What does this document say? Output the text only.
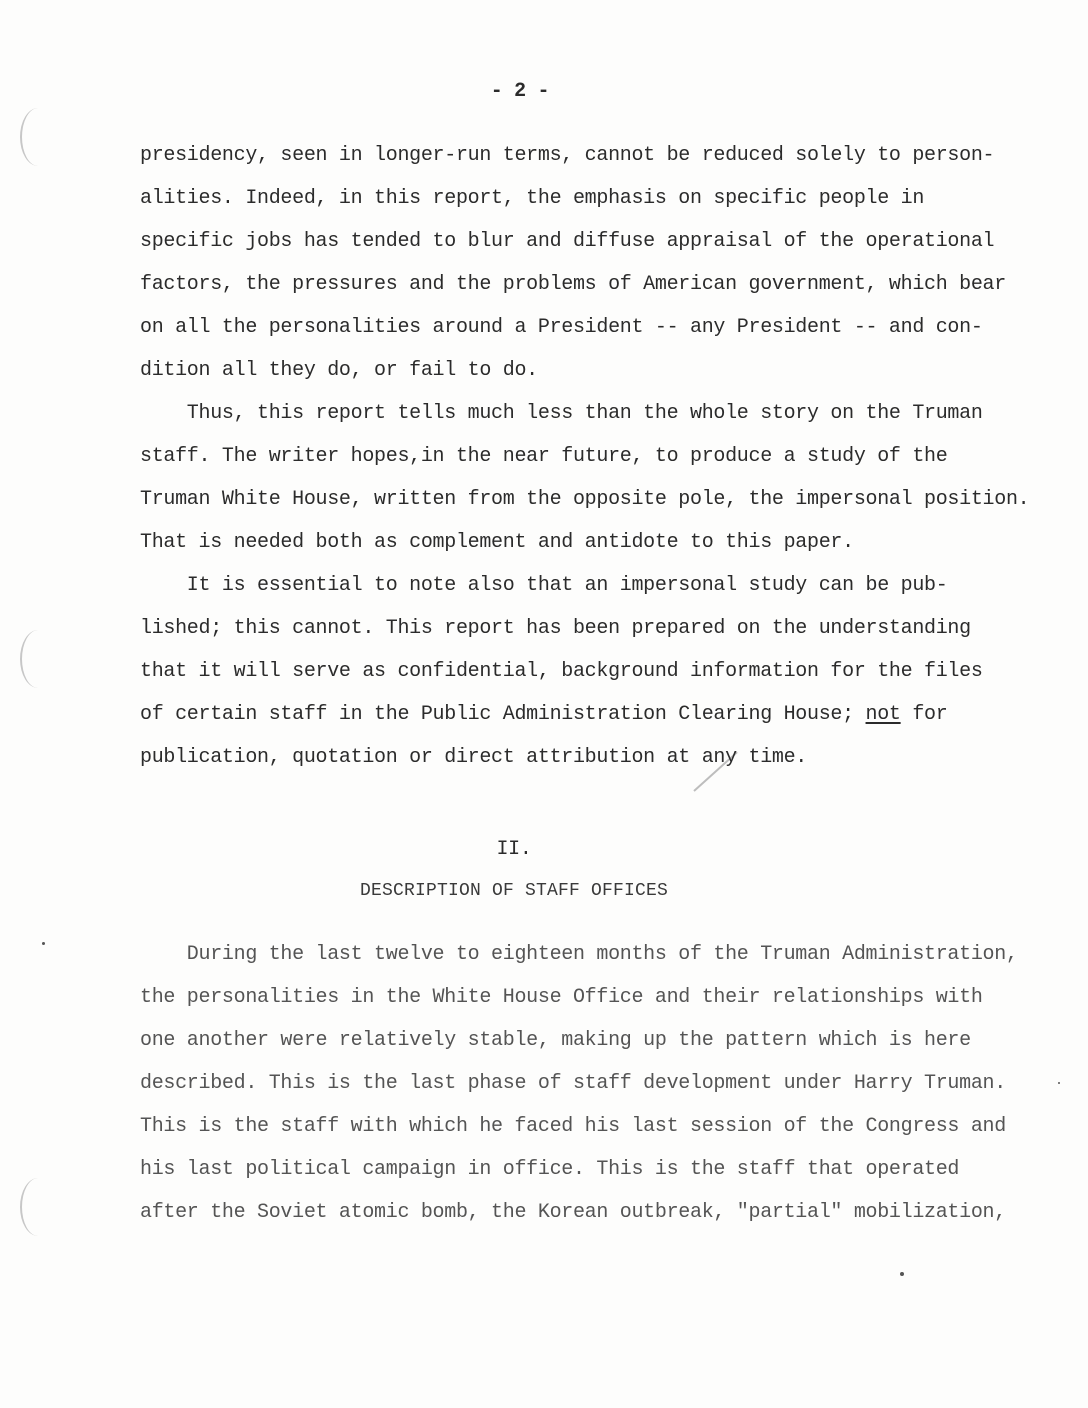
- 2 -
presidency, seen in longer-run terms, cannot be reduced solely to person-
alities. Indeed, in this report, the emphasis on specific people in
specific jobs has tended to blur and diffuse appraisal of the operational
factors, the pressures and the problems of American government, which bear
on all the personalities around a President -- any President -- and con-
dition all they do, or fail to do.
Thus, this report tells much less than the whole story on the Truman
staff. The writer hopes,in the near future, to produce a study of the
Truman White House, written from the opposite pole, the impersonal position.
That is needed both as complement and antidote to this paper.
It is essential to note also that an impersonal study can be pub-
lished; this cannot. This report has been prepared on the understanding
that it will serve as confidential, background information for the files
of certain staff in the Public Administration Clearing House; not for
publication, quotation or direct attribution at any time.
II.
DESCRIPTION OF STAFF OFFICES
During the last twelve to eighteen months of the Truman Administration,
the personalities in the White House Office and their relationships with
one another were relatively stable, making up the pattern which is here
described. This is the last phase of staff development under Harry Truman.
This is the staff with which he faced his last session of the Congress and
his last political campaign in office. This is the staff that operated
after the Soviet atomic bomb, the Korean outbreak, "partial" mobilization,
